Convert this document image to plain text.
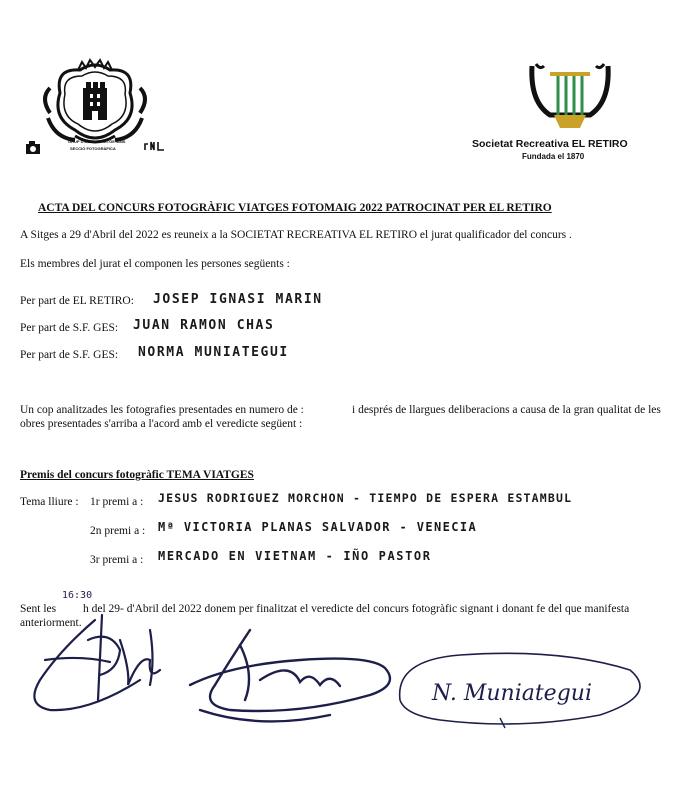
GRUP D'ESTUDIS SITGETANS
SECCIÓ FOTOGRÀFICA	Societat Recreativa EL RETIRO
Fundada el 1870
ACTA DEL CONCURS FOTOGRÀFIC VIATGES FOTOMAIG 2022 PATROCINAT PER EL RETIRO
A Sitges a 29 d'Abril del 2022 es reuneix a la SOCIETAT RECREATIVA EL RETIRO el jurat qualificador del concurs .
Els membres del jurat el componen les persones següents :
Per part de EL RETIRO: JOSEP IGNASI MARIN
Per part de S.F. GES: JUAN RAMON CHAS
Per part de S.F. GES: NORMA MUNIATEGUI
Un cop analitzades les fotografies presentades en numero de :	i després de llargues deliberacions a causa de la gran qualitat de les
obres presentades s'arriba a l'acord amb el veredicte següent :
Premis del concurs fotogràfic TEMA VIATGES
Tema lliure : 1r premi a : JESUS RODRIGUEZ MORCHON - TIEMPO DE ESPERA ESTAMBUL
2n premi a : Mª VICTORIA PLANAS SALVADOR - VENECIA
3r premi a : MERCADO EN VIETNAM - IÑO PASTOR
Sent les
16:30
h del 29- d'Abril del 2022 donem per finalitzat el veredicte del concurs fotogràfic signant i donant fe del que manifesta
anteriorment.
N. Muniategui
